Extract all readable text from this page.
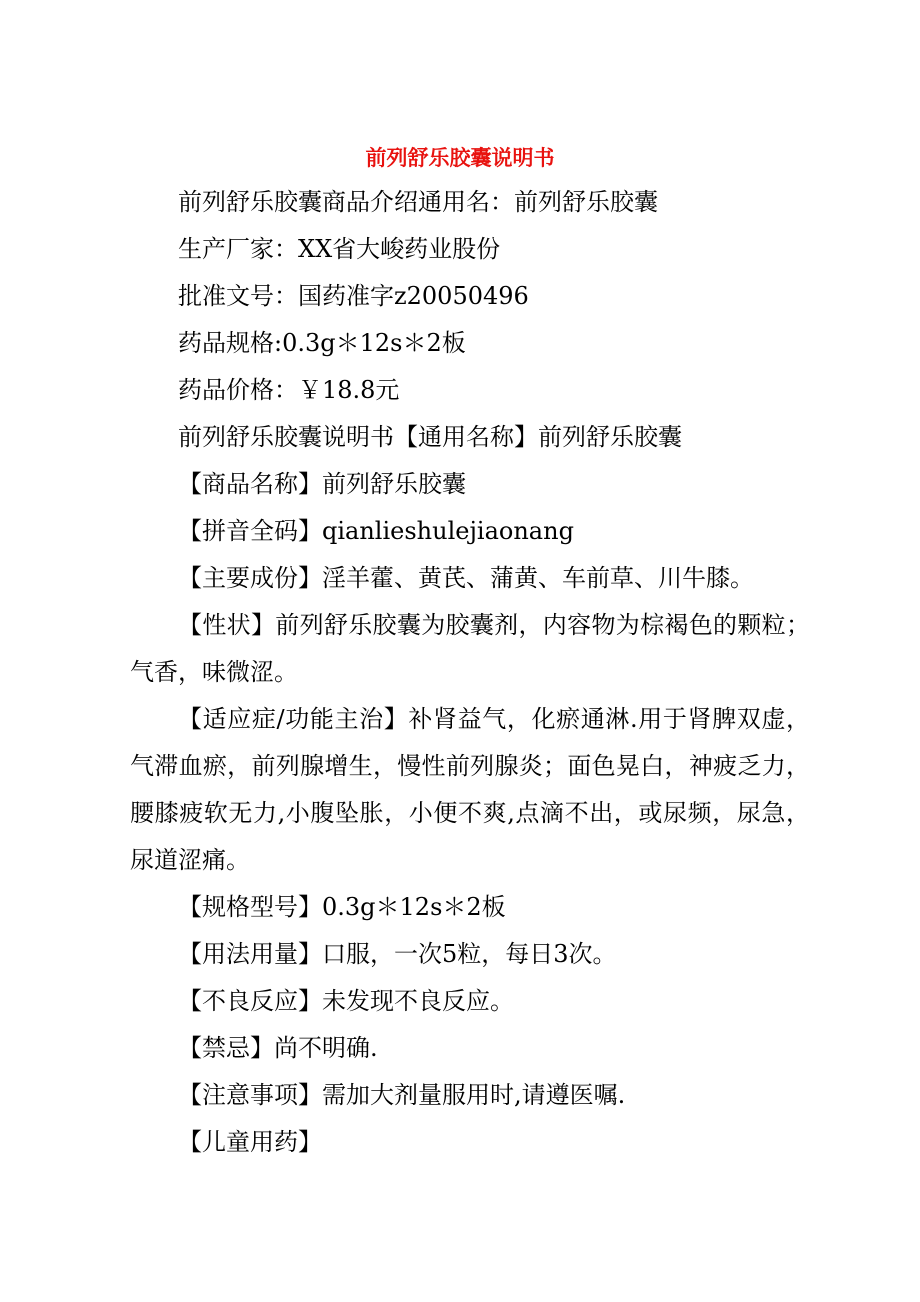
前列舒乐胶囊说明书

前列舒乐胶囊商品介绍通用名：前列舒乐胶囊

生产厂家：XX省大峻药业股份

批准文号：国药准字z20050496

药品规格:0.3g＊12s＊2板

药品价格：￥18.8元

前列舒乐胶囊说明书【通用名称】前列舒乐胶囊

【商品名称】前列舒乐胶囊

【拼音全码】qianlieshulejiaonang

【主要成份】淫羊藿、黄芪、蒲黄、车前草、川牛膝。

【性状】前列舒乐胶囊为胶囊剂，内容物为棕褐色的颗粒；气香，味微涩。

【适应症/功能主治】补肾益气，化瘀通淋.用于肾脾双虚，气滞血瘀，前列腺增生，慢性前列腺炎；面色晃白，神疲乏力，腰膝疲软无力,小腹坠胀，小便不爽,点滴不出，或尿频，尿急，尿道涩痛。

【规格型号】0.3g＊12s＊2板

【用法用量】口服，一次5粒，每日3次。

【不良反应】未发现不良反应。

【禁忌】尚不明确.

【注意事项】需加大剂量服用时,请遵医嘱.

【儿童用药】
